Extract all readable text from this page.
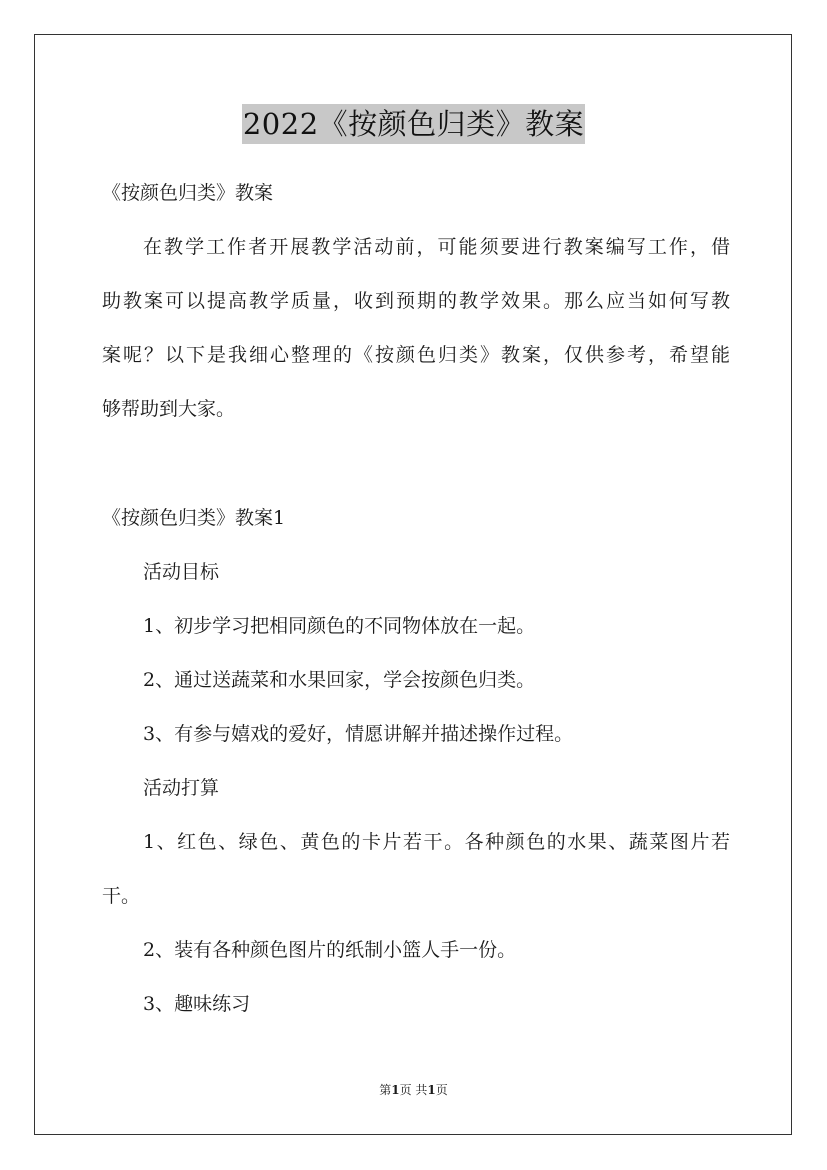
2022《按颜色归类》教案
《按颜色归类》教案
在教学工作者开展教学活动前，可能须要进行教案编写工作，借
助教案可以提高教学质量，收到预期的教学效果。那么应当如何写教
案呢？以下是我细心整理的《按颜色归类》教案，仅供参考，希望能
够帮助到大家。
《按颜色归类》教案1
活动目标
1、初步学习把相同颜色的不同物体放在一起。
2、通过送蔬菜和水果回家，学会按颜色归类。
3、有参与嬉戏的爱好，情愿讲解并描述操作过程。
活动打算
1、红色、绿色、黄色的卡片若干。各种颜色的水果、蔬菜图片若
干。
2、装有各种颜色图片的纸制小篮人手一份。
3、趣味练习
第1页 共1页
